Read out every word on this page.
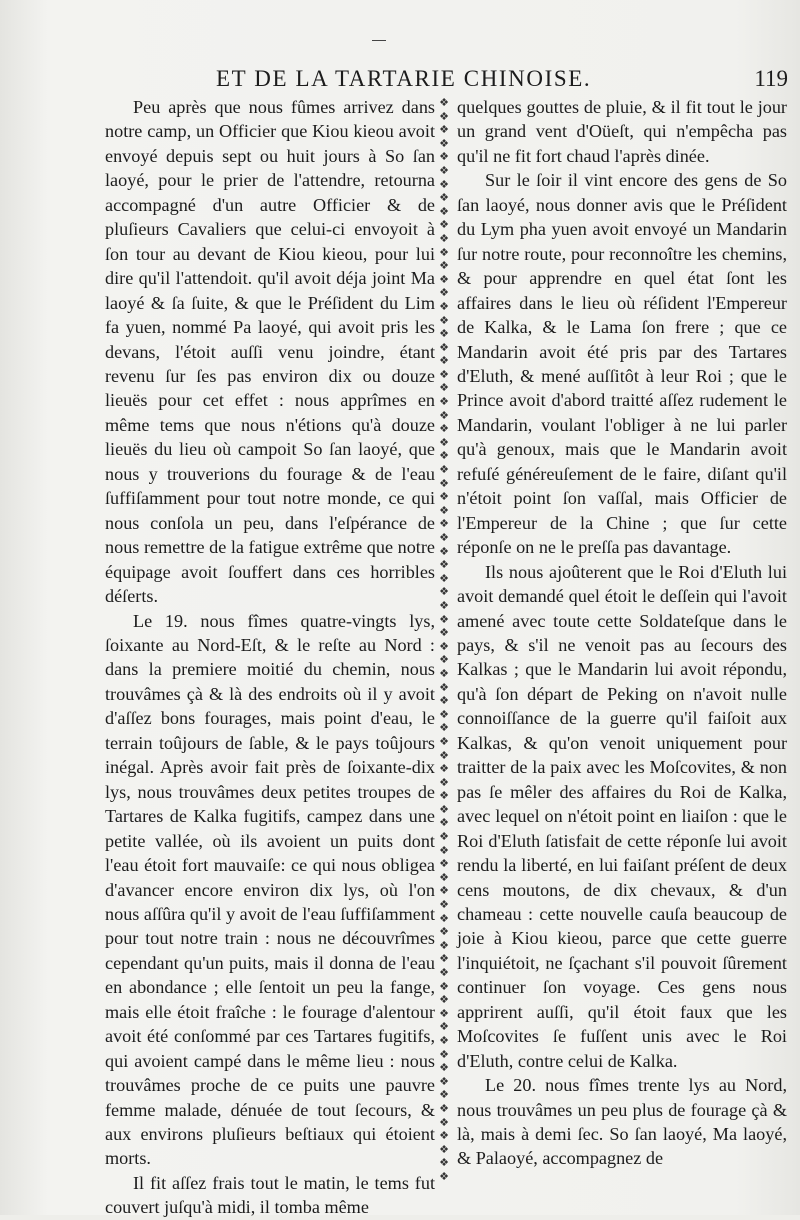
ET DE LA TARTARIE CHINOISE.	119

Peu après que nous fûmes arrivez dans notre camp, un Officier que Kiou kieou avoit envoyé depuis sept ou huit jours à So ſan laoyé, pour le prier de l'attendre, retourna accompagné d'un autre Officier & de pluſieurs Cavaliers que celui-ci envoyoit à ſon tour au devant de Kiou kieou, pour lui dire qu'il l'attendoit. qu'il avoit déja joint Ma laoyé & ſa ſuite, & que le Préſident du Lim fa yuen, nommé Pa laoyé, qui avoit pris les devans, l'étoit auſſi venu joindre, étant revenu ſur ſes pas environ dix ou douze lieuës pour cet effet : nous apprîmes en même tems que nous n'étions qu'à douze lieuës du lieu où campoit So ſan laoyé, que nous y trouverions du fourage & de l'eau ſuffiſamment pour tout notre monde, ce qui nous conſola un peu, dans l'eſpérance de nous remettre de la fatigue extrême que notre équipage avoit ſouffert dans ces horribles déſerts.

Le 19. nous fîmes quatre-vingts lys, ſoixante au Nord-Eſt, & le reſte au Nord : dans la premiere moitié du chemin, nous trouvâmes çà & là des endroits où il y avoit d'aſſez bons fourages, mais point d'eau, le terrain toûjours de ſable, & le pays toûjours inégal. Après avoir fait près de ſoixante-dix lys, nous trouvâmes deux petites troupes de Tartares de Kalka fugitifs, campez dans une petite vallée, où ils avoient un puits dont l'eau étoit fort mauvaiſe: ce qui nous obligea d'avancer encore environ dix lys, où l'on nous aſſûra qu'il y avoit de l'eau ſuffiſamment pour tout notre train : nous ne découvrîmes cependant qu'un puits, mais il donna de l'eau en abondance ; elle ſentoit un peu la fange, mais elle étoit fraîche : le fourage d'alentour avoit été conſommé par ces Tartares fugitifs, qui avoient campé dans le même lieu : nous trouvâmes proche de ce puits une pauvre femme malade, dénuée de tout ſecours, & aux environs pluſieurs beſtiaux qui étoient morts.

Il fit aſſez frais tout le matin, le tems fut couvert juſqu'à midi, il tomba même

❖
❖
❖
❖
❖
❖
❖
❖
❖
❖
❖
❖
❖
❖
❖
❖
❖
❖
❖
❖
❖
❖
❖
❖
❖
❖
❖
❖
❖
❖
❖
❖
❖
❖
❖
❖
❖
❖
❖
❖
❖
❖
❖
❖
❖
❖
❖
❖
❖
❖
❖
❖
❖
❖
❖
❖
❖
❖
❖
❖
❖
❖
❖
❖
❖
❖
❖
❖
❖
❖
❖
❖
❖
❖
❖
❖
❖
❖
❖
❖

quelques gouttes de pluie, & il fit tout le jour un grand vent d'Oüeſt, qui n'empêcha pas qu'il ne fit fort chaud l'après dinée.

Sur le ſoir il vint encore des gens de So ſan laoyé, nous donner avis que le Préſident du Lym pha yuen avoit envoyé un Mandarin ſur notre route, pour reconnoître les chemins, & pour apprendre en quel état ſont les affaires dans le lieu où réſident l'Empereur de Kalka, & le Lama ſon frere ; que ce Mandarin avoit été pris par des Tartares d'Eluth, & mené auſſitôt à leur Roi ; que le Prince avoit d'abord traitté aſſez rudement le Mandarin, voulant l'obliger à ne lui parler qu'à genoux, mais que le Mandarin avoit refuſé généreuſement de le faire, diſant qu'il n'étoit point ſon vaſſal, mais Officier de l'Empereur de la Chine ; que ſur cette réponſe on ne le preſſa pas davantage.

Ils nous ajoûterent que le Roi d'Eluth lui avoit demandé quel étoit le deſſein qui l'avoit amené avec toute cette Soldateſque dans le pays, & s'il ne venoit pas au ſecours des Kalkas ; que le Mandarin lui avoit répondu, qu'à ſon départ de Peking on n'avoit nulle connoiſſance de la guerre qu'il faiſoit aux Kalkas, & qu'on venoit uniquement pour traitter de la paix avec les Moſcovites, & non pas ſe mêler des affaires du Roi de Kalka, avec lequel on n'étoit point en liaiſon : que le Roi d'Eluth ſatisfait de cette réponſe lui avoit rendu la liberté, en lui faiſant préſent de deux cens moutons, de dix chevaux, & d'un chameau : cette nouvelle cauſa beaucoup de joie à Kiou kieou, parce que cette guerre l'inquiétoit, ne ſçachant s'il pouvoit ſûrement continuer ſon voyage. Ces gens nous apprirent auſſi, qu'il étoit faux que les Moſcovites ſe fuſſent unis avec le Roi d'Eluth, contre celui de Kalka.

Le 20. nous fîmes trente lys au Nord, nous trouvâmes un peu plus de fourage çà & là, mais à demi ſec. So ſan laoyé, Ma laoyé, & Palaoyé, accompagnez de
